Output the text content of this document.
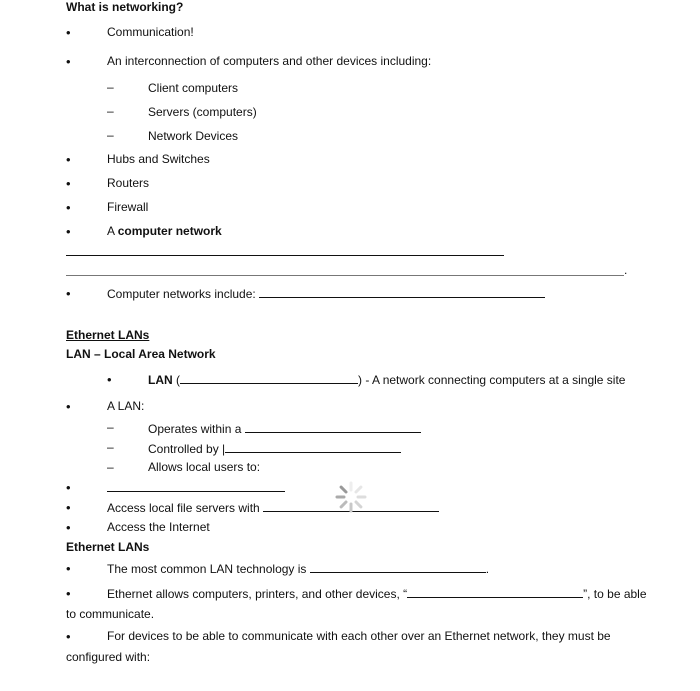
What is networking?
•	Communication!
•	An interconnection of computers and other devices including:
–	Client computers
–	Servers (computers)
–	Network Devices
•	Hubs and Switches
•	Routers
•	Firewall
•	A computer network
.
•	Computer networks include:
Ethernet LANs
LAN – Local Area Network
•	LAN (	) - A network connecting computers at a single site
•	A LAN:
–	Operates within a
–	Controlled by |
–	Allows local users to:
•
•	Access local file servers with
•	Access the Internet
Ethernet LANs
•	The most common LAN technology is	.
•	Ethernet allows computers, printers, and other devices, “	”, to be able
to communicate.
•	For devices to be able to communicate with each other over an Ethernet network, they must be
configured with:
